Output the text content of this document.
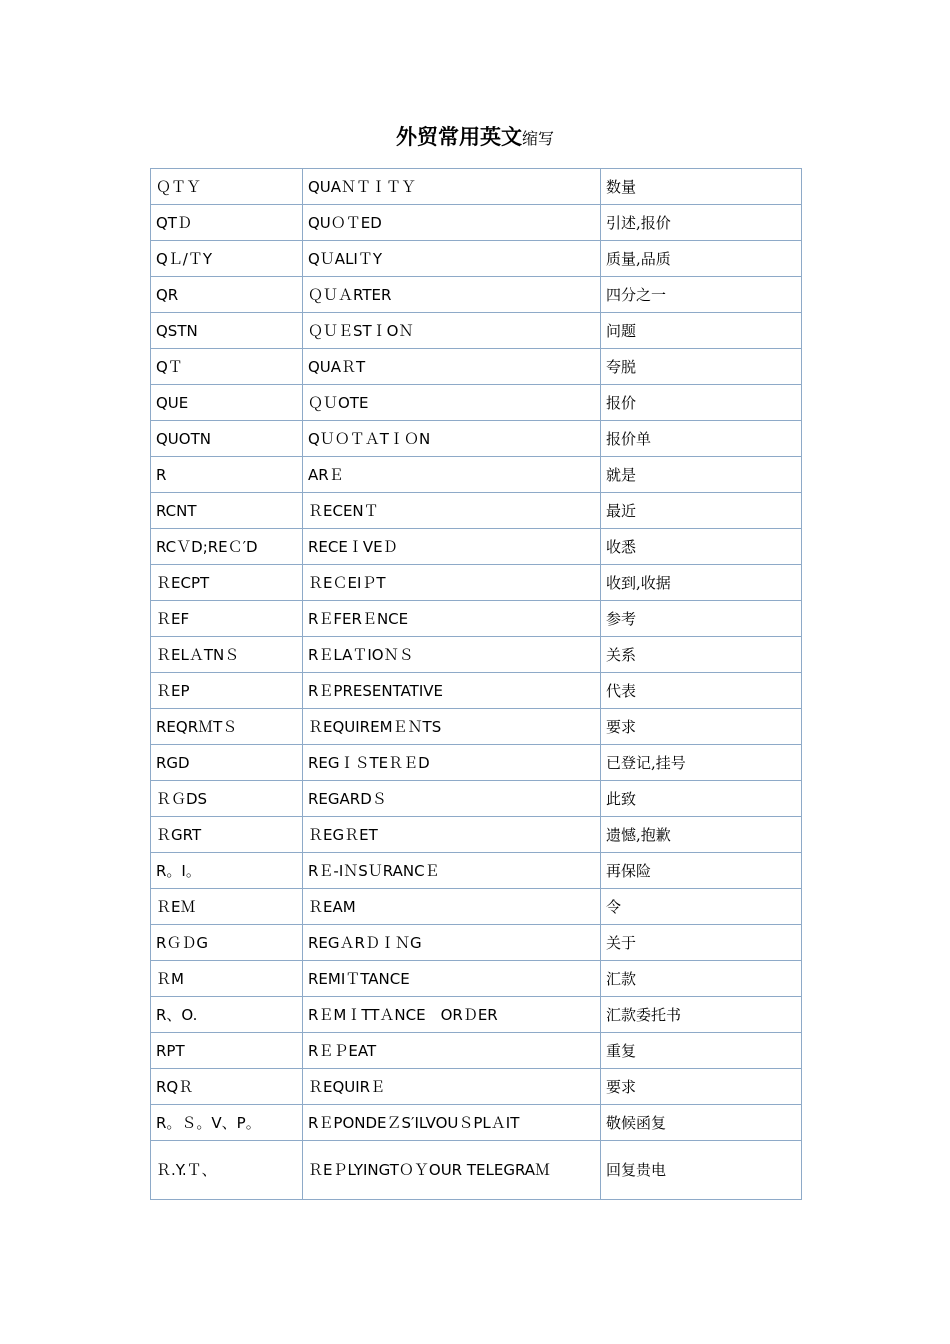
外贸常用英文缩写
ＱＴＹ	QUAＮＴＩＴＹ	数量
QTＤ	QUＯＴED	引述,报价
QＬ/ＴY	QＵALIＴY	质量,品质
QR	ＱＵＡRTER	四分之一
QSTN	ＱＵＥSTＩOＮ	问题
QＴ	QUAＲT	夸脱
QUE	ＱＵOTE	报价
QUOTN	QＵＯＴＡTＩＯN	报价单
R	ARＥ	就是
RCNT	ＲECENＴ	最近
RCＶD;REＣ′D	RECEＩVEＤ	收悉
ＲECPT	ＲEＣEIＰT	收到,收据
ＲEF	RＥFERＥNCE	参考
ＲELＡTNＳ	RＥLAＴIOＮＳ	关系
ＲEP	RＥPRESENTATIVE	代表
REQRＭTＳ	ＲEQUIREMＥＮTS	要求
RGD	REGＩＳTEＲＥD	已登记,挂号
ＲＧDS	REGARDＳ	此致
ＲGRT	ＲEGＲET	遗憾,抱歉
R。I。	RＥ-IＮSＵRANCＥ	再保险
ＲEＭ	ＲEAM	令
RＧＤG	REGＡRＤＩＮG	关于
ＲM	REMIＴTANCE	汇款
R、O.	RＥMＩTTＡNCE　ORＤER	汇款委托书
RPT	RＥＰEAT	重复
RQＲ	ＲEQUIRＥ	要求
R。Ｓ。V、P。	RＥPONDEＺS′ILVOUＳPLＡIT	敬候函复
Ｒ.Y.Ｔ、	ＲEＰLYINGTＯＹOUR TELEGRAＭ	回复贵电
